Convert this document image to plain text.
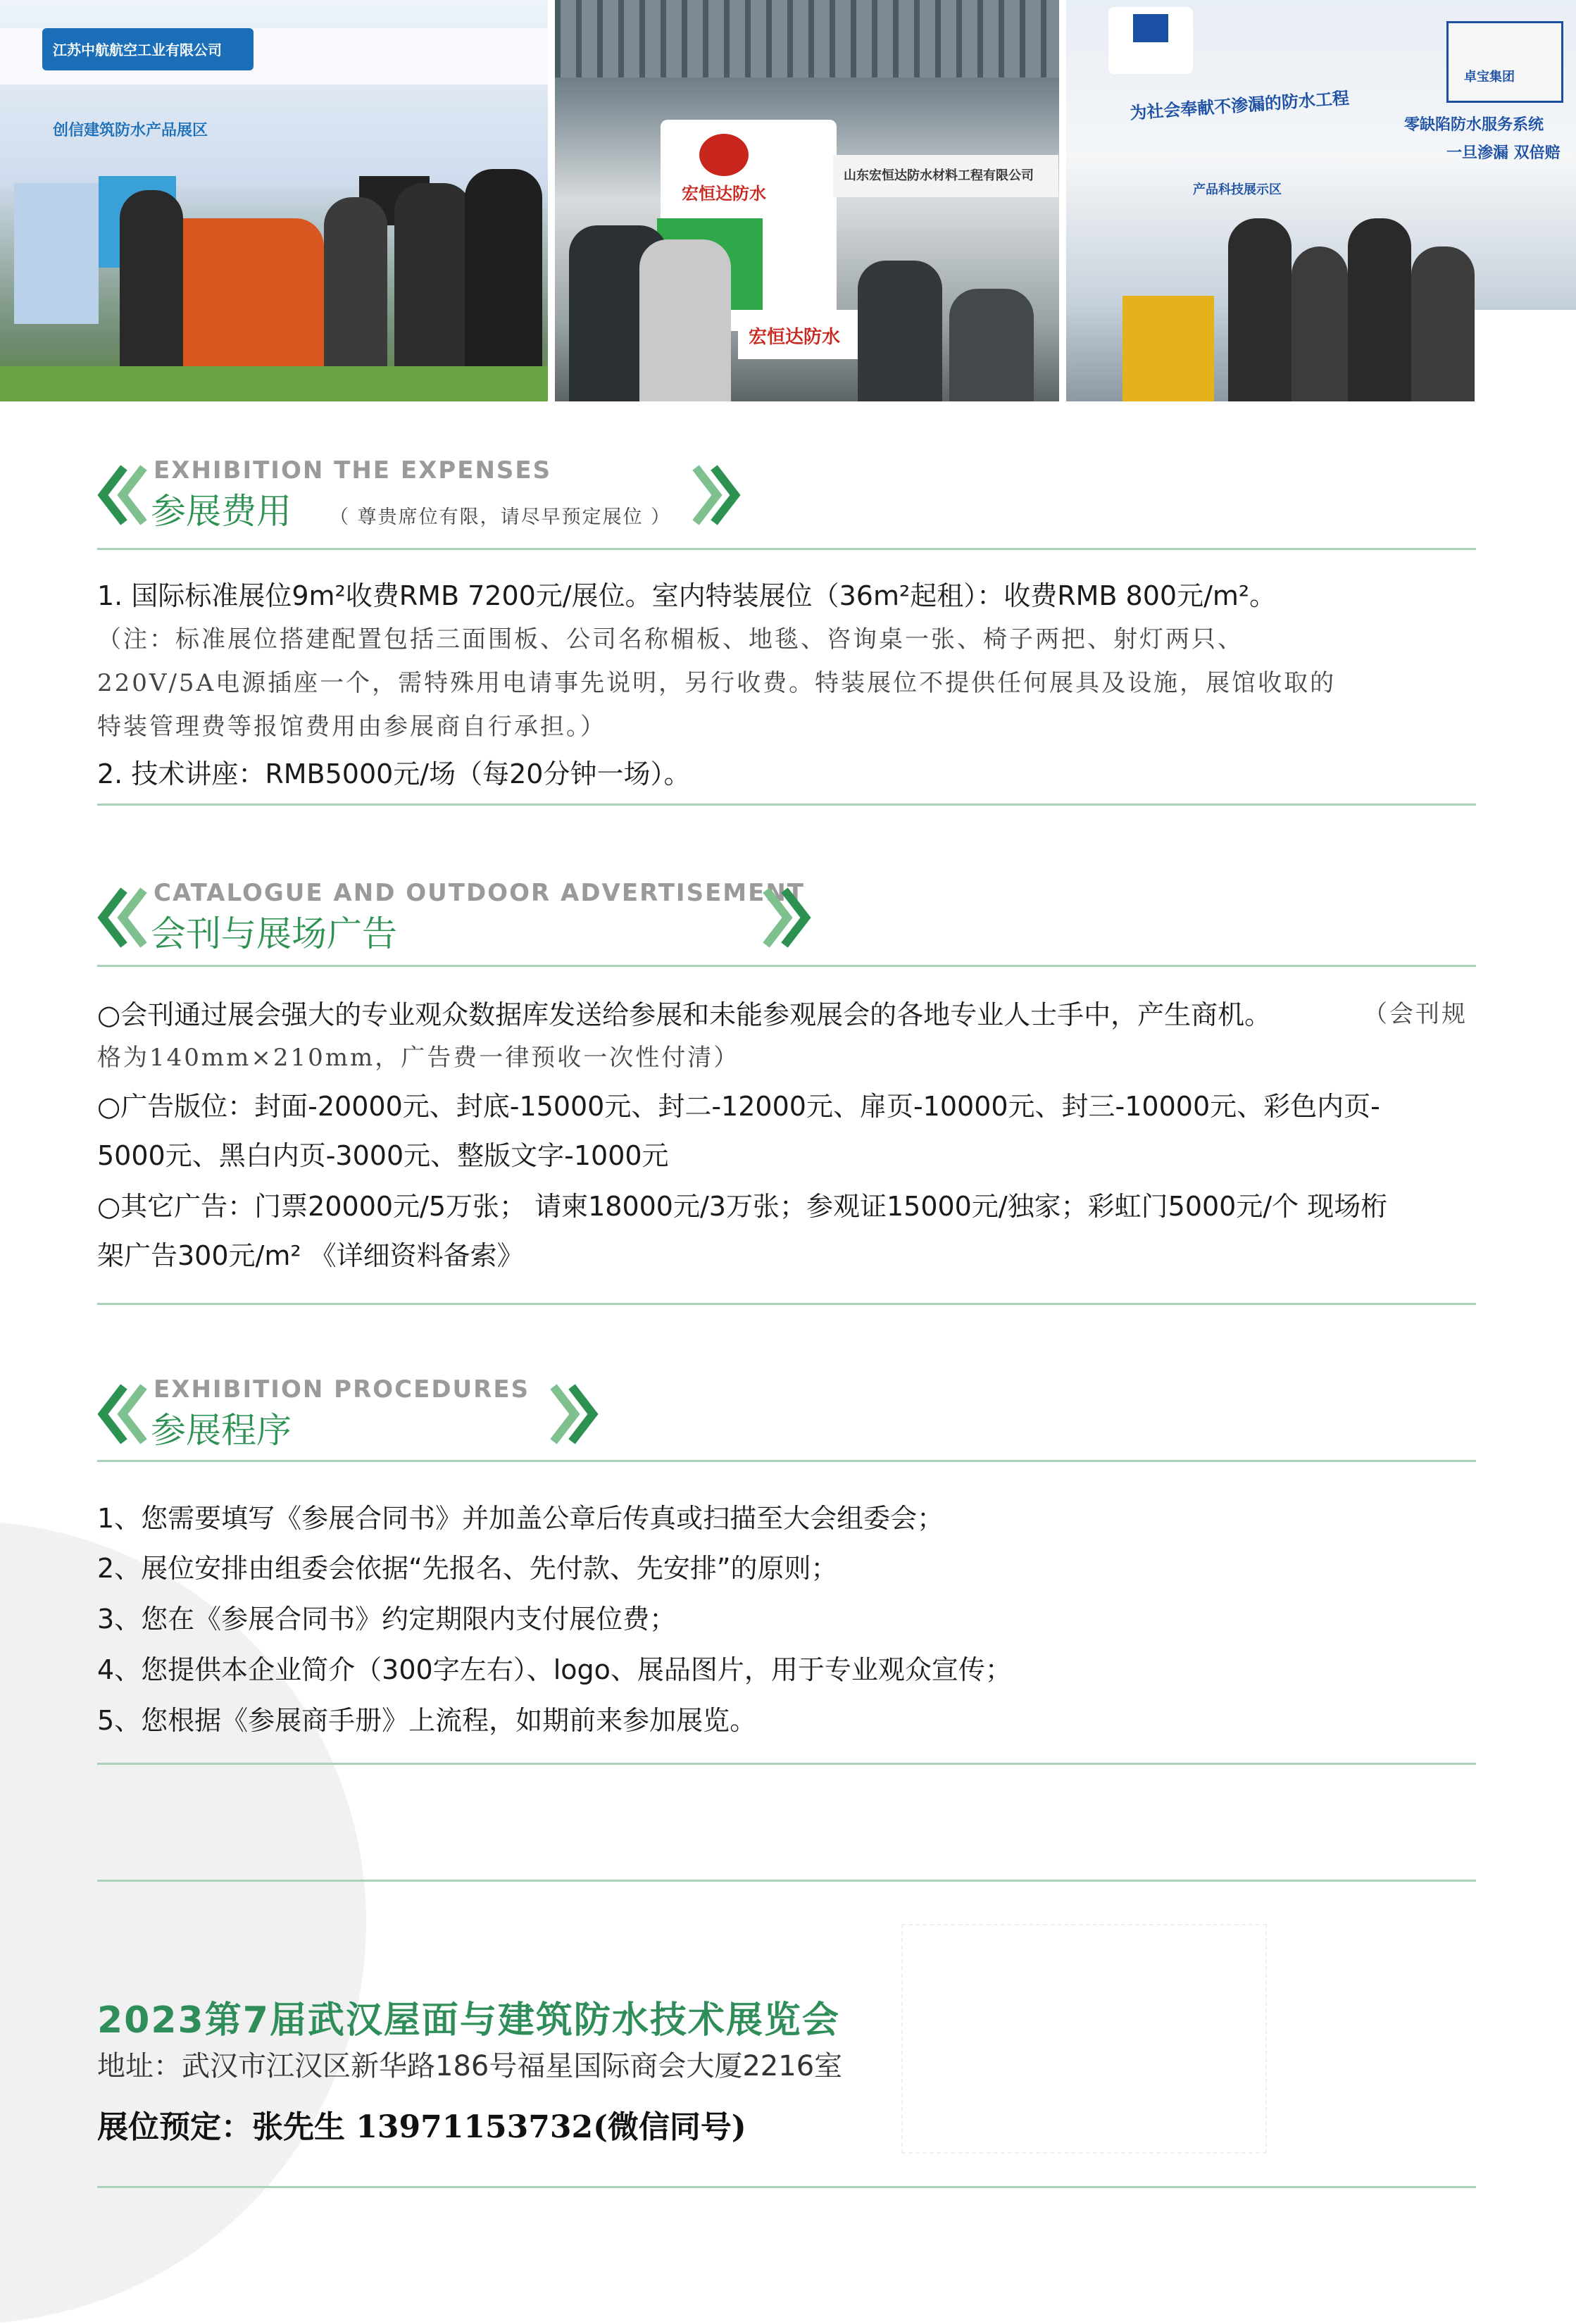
江苏中航航空工业有限公司
创信建筑防水产品展区
宏恒达防水
山东宏恒达防水材料工程有限公司
宏恒达防水
卓宝集团
为社会奉献不渗漏的防水工程
产品科技展示区
零缺陷防水服务系统
一旦渗漏 双倍赔
EXHIBITION THE EXPENSES
参展费用 （ 尊贵席位有限，请尽早预定展位 ）
1. 国际标准展位9m²收费RMB 7200元/展位。室内特装展位（36m²起租）：收费RMB 800元/m²。
（注：标准展位搭建配置包括三面围板、公司名称楣板、地毯、咨询桌一张、椅子两把、射灯两只、
220V/5A电源插座一个，需特殊用电请事先说明，另行收费。特装展位不提供任何展具及设施，展馆收取的
特装管理费等报馆费用由参展商自行承担。）
2. 技术讲座：RMB5000元/场（每20分钟一场）。
CATALOGUE AND OUTDOOR ADVERTISEMENT
会刊与展场广告
○会刊通过展会强大的专业观众数据库发送给参展和未能参观展会的各地专业人士手中，产生商机。	（会刊规
格为140mm×210mm，广告费一律预收一次性付清）
○广告版位：封面-20000元、封底-15000元、封二-12000元、扉页-10000元、封三-10000元、彩色内页-
5000元、黑白内页-3000元、整版文字-1000元
○其它广告：门票20000元/5万张； 请柬18000元/3万张；参观证15000元/独家；彩虹门5000元/个 现场桁
架广告300元/m² 《详细资料备索》
EXHIBITION PROCEDURES
参展程序
1、您需要填写《参展合同书》并加盖公章后传真或扫描至大会组委会；
2、展位安排由组委会依据“先报名、先付款、先安排”的原则；
3、您在《参展合同书》约定期限内支付展位费；
4、您提供本企业简介（300字左右）、logo、展品图片，用于专业观众宣传；
5、您根据《参展商手册》上流程，如期前来参加展览。
2023第7届武汉屋面与建筑防水技术展览会
地址：武汉市江汉区新华路186号福星国际商会大厦2216室
展位预定：张先生 13971153732(微信同号)
